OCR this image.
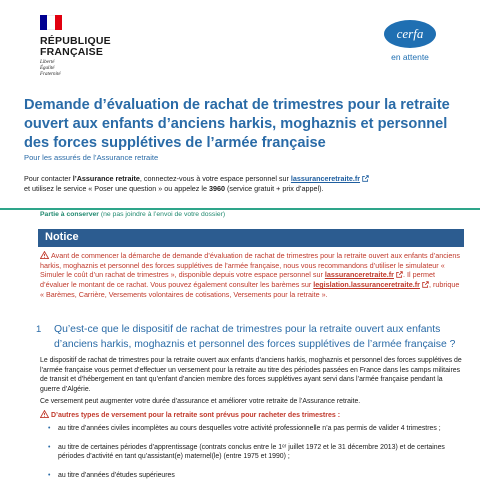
RÉPUBLIQUE
FRANÇAISE
Liberté
Égalité
Fraternité
cerfa
en attente
Demande d’évaluation de rachat de trimestres pour la retraite ouvert aux enfants d’anciens harkis, moghaznis et personnel des forces supplétives de l’armée française
Pour les assurés de l’Assurance retraite
Pour contacter l’Assurance retraite, connectez-vous à votre espace personnel sur lassuranceretraite.fr
et utilisez le service « Poser une question » ou appelez le 3960 (service gratuit + prix d’appel).
Partie à conserver (ne pas joindre à l’envoi de votre dossier)
Notice
Avant de commencer la démarche de demande d’évaluation de rachat de trimestres pour la retraite ouvert aux enfants d’anciens harkis, moghaznis et personnel des forces supplétives de l’armée française, nous vous recommandons d’utiliser le simulateur « Simuler le coût d’un rachat de trimestres », disponible depuis votre espace personnel sur lassuranceretraite.fr . Il permet d’évaluer le montant de ce rachat. Vous pouvez également consulter les barèmes sur legislation.lassuranceretraite.fr , rubrique « Barèmes, Carrière, Versements volontaires de cotisations, Versements pour la retraite ».
1 Qu’est-ce que le dispositif de rachat de trimestres pour la retraite ouvert aux enfants d’anciens harkis, moghaznis et personnel des forces supplétives de l’armée française ?
Le dispositif de rachat de trimestres pour la retraite ouvert aux enfants d’anciens harkis, moghaznis et personnel des forces supplétives de l’armée française vous permet d’effectuer un versement pour la retraite au titre des périodes passées en France dans les camps militaires de transit et d’hébergement en tant qu’enfant d’ancien membre des forces supplétives ayant servi dans l’armée française pendant la guerre d’Algérie.
Ce versement peut augmenter votre durée d’assurance et améliorer votre retraite de l’Assurance retraite.
D’autres types de versement pour la retraite sont prévus pour racheter des trimestres :
• au titre d’années civiles incomplètes au cours desquelles votre activité professionnelle n’a pas permis de valider 4 trimestres ;
• au titre de certaines périodes d’apprentissage (contrats conclus entre le 1ᵉʳ juillet 1972 et le 31 décembre 2013) et de certaines périodes d’activité en tant qu’assistant(e) maternel(le) (entre 1975 et 1990) ;
• au titre d’années d’études supérieures
